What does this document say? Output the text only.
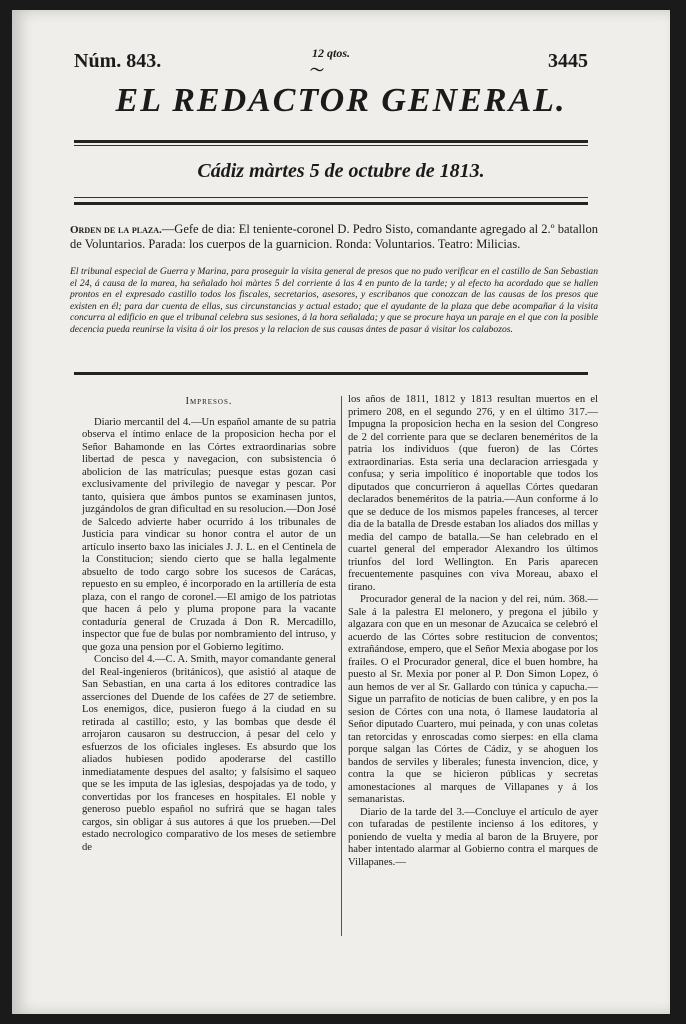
Núm. 843.	12 qtos.
〜	3445
EL REDACTOR GENERAL.
Cádiz màrtes 5 de octubre de 1813.
Orden de la plaza.—Gefe de dia: El teniente-coronel D. Pedro Sisto, comandante agregado al 2.º batallon de Voluntarios. Parada: los cuerpos de la guarnicion. Ronda: Voluntarios. Teatro: Milicias.
El tribunal especial de Guerra y Marina, para proseguir la visita general de presos que no pudo verificar en el castillo de San Sebastian el 24, á causa de la marea, ha señalado hoi màrtes 5 del corriente á las 4 en punto de la tarde; y al efecto ha acordado que se hallen prontos en el expresado castillo todos los fiscales, secretarios, asesores, y escribanos que conozcan de las causas de los presos que existen en él; para dar cuenta de ellas, sus circunstancias y actual estado; que el ayudante de la plaza que debe acompañar á la visita concurra al edificio en que el tribunal celebra sus sesiones, á la hora señalada; y que se procure haya un paraje en el que con la posible decencia pueda reunirse la visita á oir los presos y la relacion de sus causas ántes de pasar á visitar los calabozos.
Impresos.

Diario mercantil del 4.—Un español amante de su patria observa el íntimo enlace de la proposicion hecha por el Señor Bahamonde en las Córtes extraordinarias sobre libertad de pesca y navegacion, con subsistencia ó abolicion de las matrículas; puesque estas gozan casi exclusivamente del privilegio de navegar y pescar. Por tanto, quisiera que ámbos puntos se examinasen juntos, juzgándolos de gran dificultad en su resolucion.—Don José de Salcedo advierte haber ocurrido á los tribunales de Justicia para vindicar su honor contra el autor de un artículo inserto baxo las iniciales J. J. L. en el Centinela de la Constitucion; siendo cierto que se halla legalmente absuelto de todo cargo sobre los sucesos de Carácas, repuesto en su empleo, é incorporado en la artillería de esta plaza, con el rango de coronel.—El amigo de los patriotas que hacen á pelo y pluma propone para la vacante contaduría general de Cruzada á Don R. Mercadillo, inspector que fue de bulas por nombramiento del intruso, y que goza una pension por el Gobierno legítimo.

Conciso del 4.—C. A. Smith, mayor comandante general del Real-ingenieros (británicos), que asistió al ataque de San Sebastian, en una carta á los editores contradice las asserciones del Duende de los cafées de 27 de setiembre. Los enemigos, dice, pusieron fuego á la ciudad en su retirada al castillo; esto, y las bombas que desde él arrojaron causaron su destruccion, á pesar del celo y esfuerzos de los oficiales ingleses. Es absurdo que los aliados hubiesen podido apoderarse del castillo inmediatamente despues del asalto; y falsísimo el saqueo que se les imputa de las iglesias, despojadas ya de todo, y convertidas por los franceses en hospitales. El noble y generoso pueblo español no sufrirá que se hagan tales cargos, sin obligar á sus autores á que los prueben.—Del estado necrologico comparativo de los meses de setiembre de

los años de 1811, 1812 y 1813 resultan muertos en el primero 208, en el segundo 276, y en el último 317.—Impugna la proposicion hecha en la sesion del Congreso de 2 del corriente para que se declaren beneméritos de la patria los individuos (que fueron) de las Córtes extraordinarias. Esta seria una declaracion arriesgada y confusa; y seria impolítico é inoportable que todos los diputados que concurrieron á aquellas Córtes quedaran declarados beneméritos de la patria.—Aun conforme á lo que se deduce de los mismos papeles franceses, al tercer dia de la batalla de Dresde estaban los aliados dos millas y media del campo de batalla.—Se han celebrado en el cuartel general del emperador Alexandro los últimos triunfos del lord Wellington. En Paris aparecen frecuentemente pasquines con viva Moreau, abaxo el tirano.

Procurador general de la nacion y del rei, núm. 368.—Sale á la palestra El melonero, y pregona el júbilo y algazara con que en un mesonar de Azucaica se celebró el acuerdo de las Córtes sobre restitucion de conventos; extrañándose, empero, que el Señor Mexia abogase por los frailes. O el Procurador general, dice el buen hombre, ha puesto al Sr. Mexia por poner al P. Don Simon Lopez, ó aun hemos de ver al Sr. Gallardo con túnica y capucha.—Sigue un parrafito de noticias de buen calibre, y en pos la sesion de Córtes con una nota, ó llamese laudatoria al Señor diputado Cuartero, mui peinada, y con unas coletas tan retorcidas y enroscadas como sierpes: en ella clama porque salgan las Córtes de Cádiz, y se ahoguen los bandos de serviles y liberales; funesta invencion, dice, y contra la que se hicieron públicas y secretas amonestaciones al marques de Villapanes y á los semanaristas.

Diario de la tarde del 3.—Concluye el artículo de ayer con tufaradas de pestilente incienso á los editores, y poniendo de vuelta y media al baron de la Bruyere, por haber intentado alarmar al Gobierno contra el marques de Villapanes.—
